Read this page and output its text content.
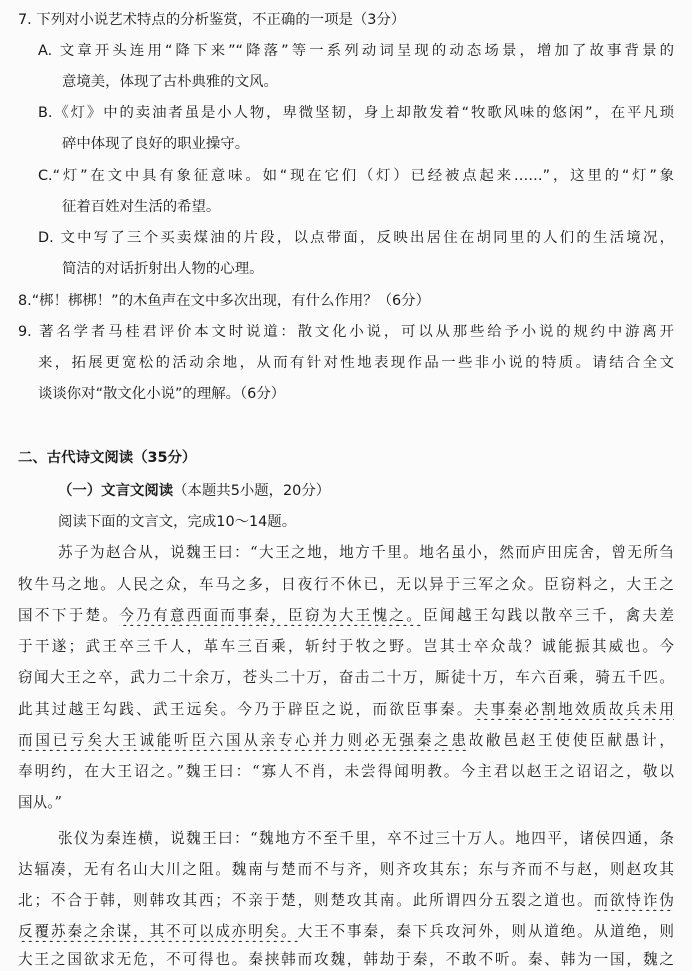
7. 下列对小说艺术特点的分析鉴赏，不正确的一项是（3分）
A. 文章开头连用“降下来”“降落”等一系列动词呈现的动态场景，增加了故事背景的
意境美，体现了古朴典雅的文风。
B.《灯》中的卖油者虽是小人物，卑微坚韧，身上却散发着“牧歌风味的悠闲”，在平凡琐
碎中体现了良好的职业操守。
C.“灯”在文中具有象征意味。如“现在它们（灯）已经被点起来……”，这里的“灯”象
征着百姓对生活的希望。
D. 文中写了三个买卖煤油的片段，以点带面，反映出居住在胡同里的人们的生活境况，
简洁的对话折射出人物的心理。
8.“梆！梆梆！”的木鱼声在文中多次出现，有什么作用？（6分）
9. 著名学者马桂君评价本文时说道：散文化小说，可以从那些给予小说的规约中游离开
来，拓展更宽松的活动余地，从而有针对性地表现作品一些非小说的特质。请结合全文
谈谈你对“散文化小说”的理解。（6分）
二、古代诗文阅读（35分）
（一）文言文阅读（本题共5小题，20分）
阅读下面的文言文，完成10～14题。
苏子为赵合从，说魏王曰：“大王之地，地方千里。地名虽小，然而庐田庑舍，曾无所刍
牧牛马之地。人民之众，车马之多，日夜行不休已，无以异于三军之众。臣窃料之，大王之
国不下于楚。今乃有意西面而事秦，臣窃为大王愧之。臣闻越王勾践以散卒三千，禽夫差
于干遂；武王卒三千人，革车三百乘，斩纣于牧之野。岂其士卒众哉？诚能振其威也。今
窃闻大王之卒，武力二十余万，苍头二十万，奋击二十万，厮徒十万，车六百乘，骑五千匹。
此其过越王勾践、武王远矣。今乃于辟臣之说，而欲臣事秦。夫事秦必割地效质故兵未用
而国已亏矣大王诚能听臣六国从亲专心并力则必无强秦之患故敝邑赵王使使臣献愚计，
奉明约，在大王诏之。”魏王曰：“寡人不肖，未尝得闻明教。今主君以赵王之诏诏之，敬以
国从。”
张仪为秦连横，说魏王曰：“魏地方不至千里，卒不过三十万人。地四平，诸侯四通，条
达辐凑，无有名山大川之阻。魏南与楚而不与齐，则齐攻其东；东与齐而不与赵，则赵攻其
北；不合于韩，则韩攻其西；不亲于楚，则楚攻其南。此所谓四分五裂之道也。而欲恃诈伪
反覆苏秦之余谋，其不可以成亦明矣。大王不事秦，秦下兵攻河外，则从道绝。从道绝，则
大王之国欲求无危，不可得也。秦挟韩而攻魏，韩劫于秦，不敢不听。秦、韩为一国，魏之
